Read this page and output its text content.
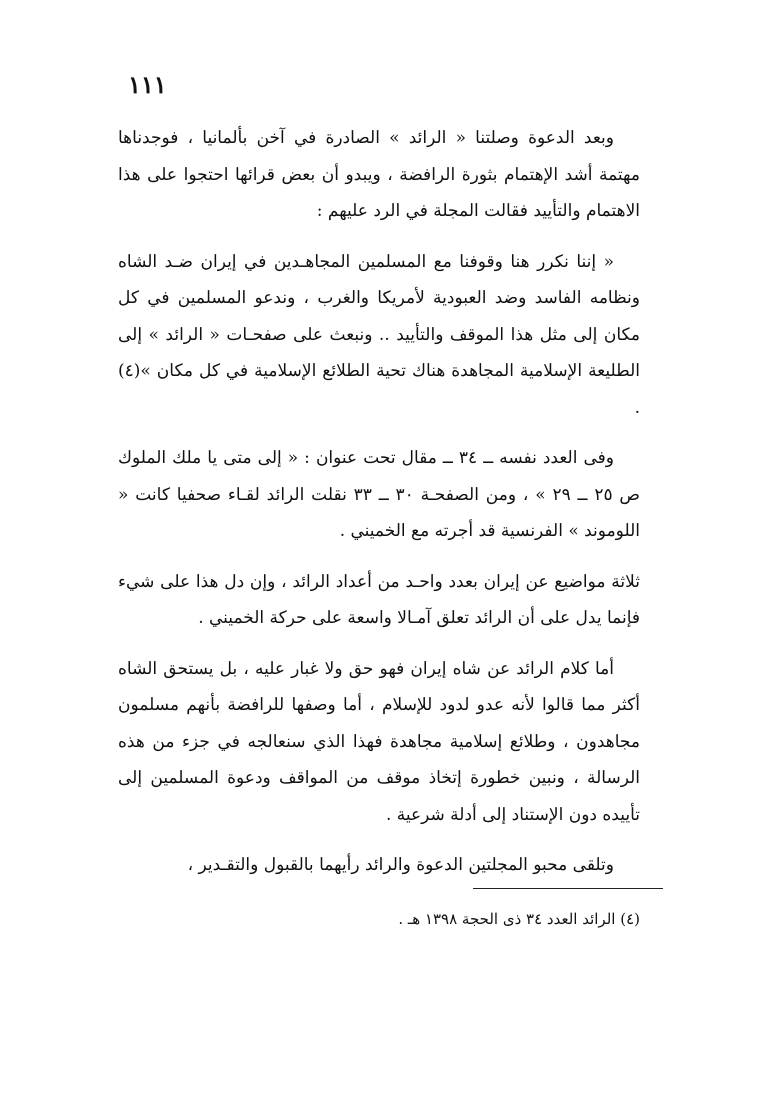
١١١

وبعد الدعوة وصلتنا « الرائد » الصادرة في آخن بألمانيا ، فوجدناها مهتمة أشد الإهتمام بثورة الرافضة ، ويبدو أن بعض قرائها احتجوا على هذا الاهتمام والتأييد فقالت المجلة في الرد عليهم :

« إننا نكرر هنا وقوفنا مع المسلمين المجاهـدين في إيران ضـد الشاه ونظامه الفاسد وضد العبودية لأمريكا والغرب ، وندعو المسلمين في كل مكان إلى مثل هذا الموقف والتأييد .. ونبعث على صفحـات « الرائد » إلى الطليعة الإسلامية المجاهدة هناك تحية الطلائع الإسلامية في كل مكان »(٤) .

وفى العدد نفسه ــ ٣٤ ــ مقال تحت عنوان : « إلى متى يا ملك الملوك ص ٢٥ ــ ٢٩ » ، ومن الصفحـة ٣٠ ــ ٣٣ نقلت الرائد لقـاء صحفيا كانت « اللوموند » الفرنسية قد أجرته مع الخميني .

ثلاثة مواضيع عن إيران بعدد واحـد من أعداد الرائد ، وإن دل هذا على شيء فإنما يدل على أن الرائد تعلق آمـالا واسعة على حركة الخميني .

أما كلام الرائد عن شاه إيران فهو حق ولا غبار عليه ، بل يستحق الشاه أكثر مما قالوا لأنه عدو لدود للإسلام ، أما وصفها للرافضة بأنهم مسلمون مجاهدون ، وطلائع إسلامية مجاهدة فهذا الذي سنعالجه في جزء من هذه الرسالة ، ونبين خطورة إتخاذ موقف من المواقف ودعوة المسلمين إلى تأييده دون الإستناد إلى أدلة شرعية .

وتلقى محبو المجلتين الدعوة والرائد رأيهما بالقبول والتقـدير ،

(٤) الرائد العدد ٣٤ ذى الحجة ١٣٩٨ هـ .
